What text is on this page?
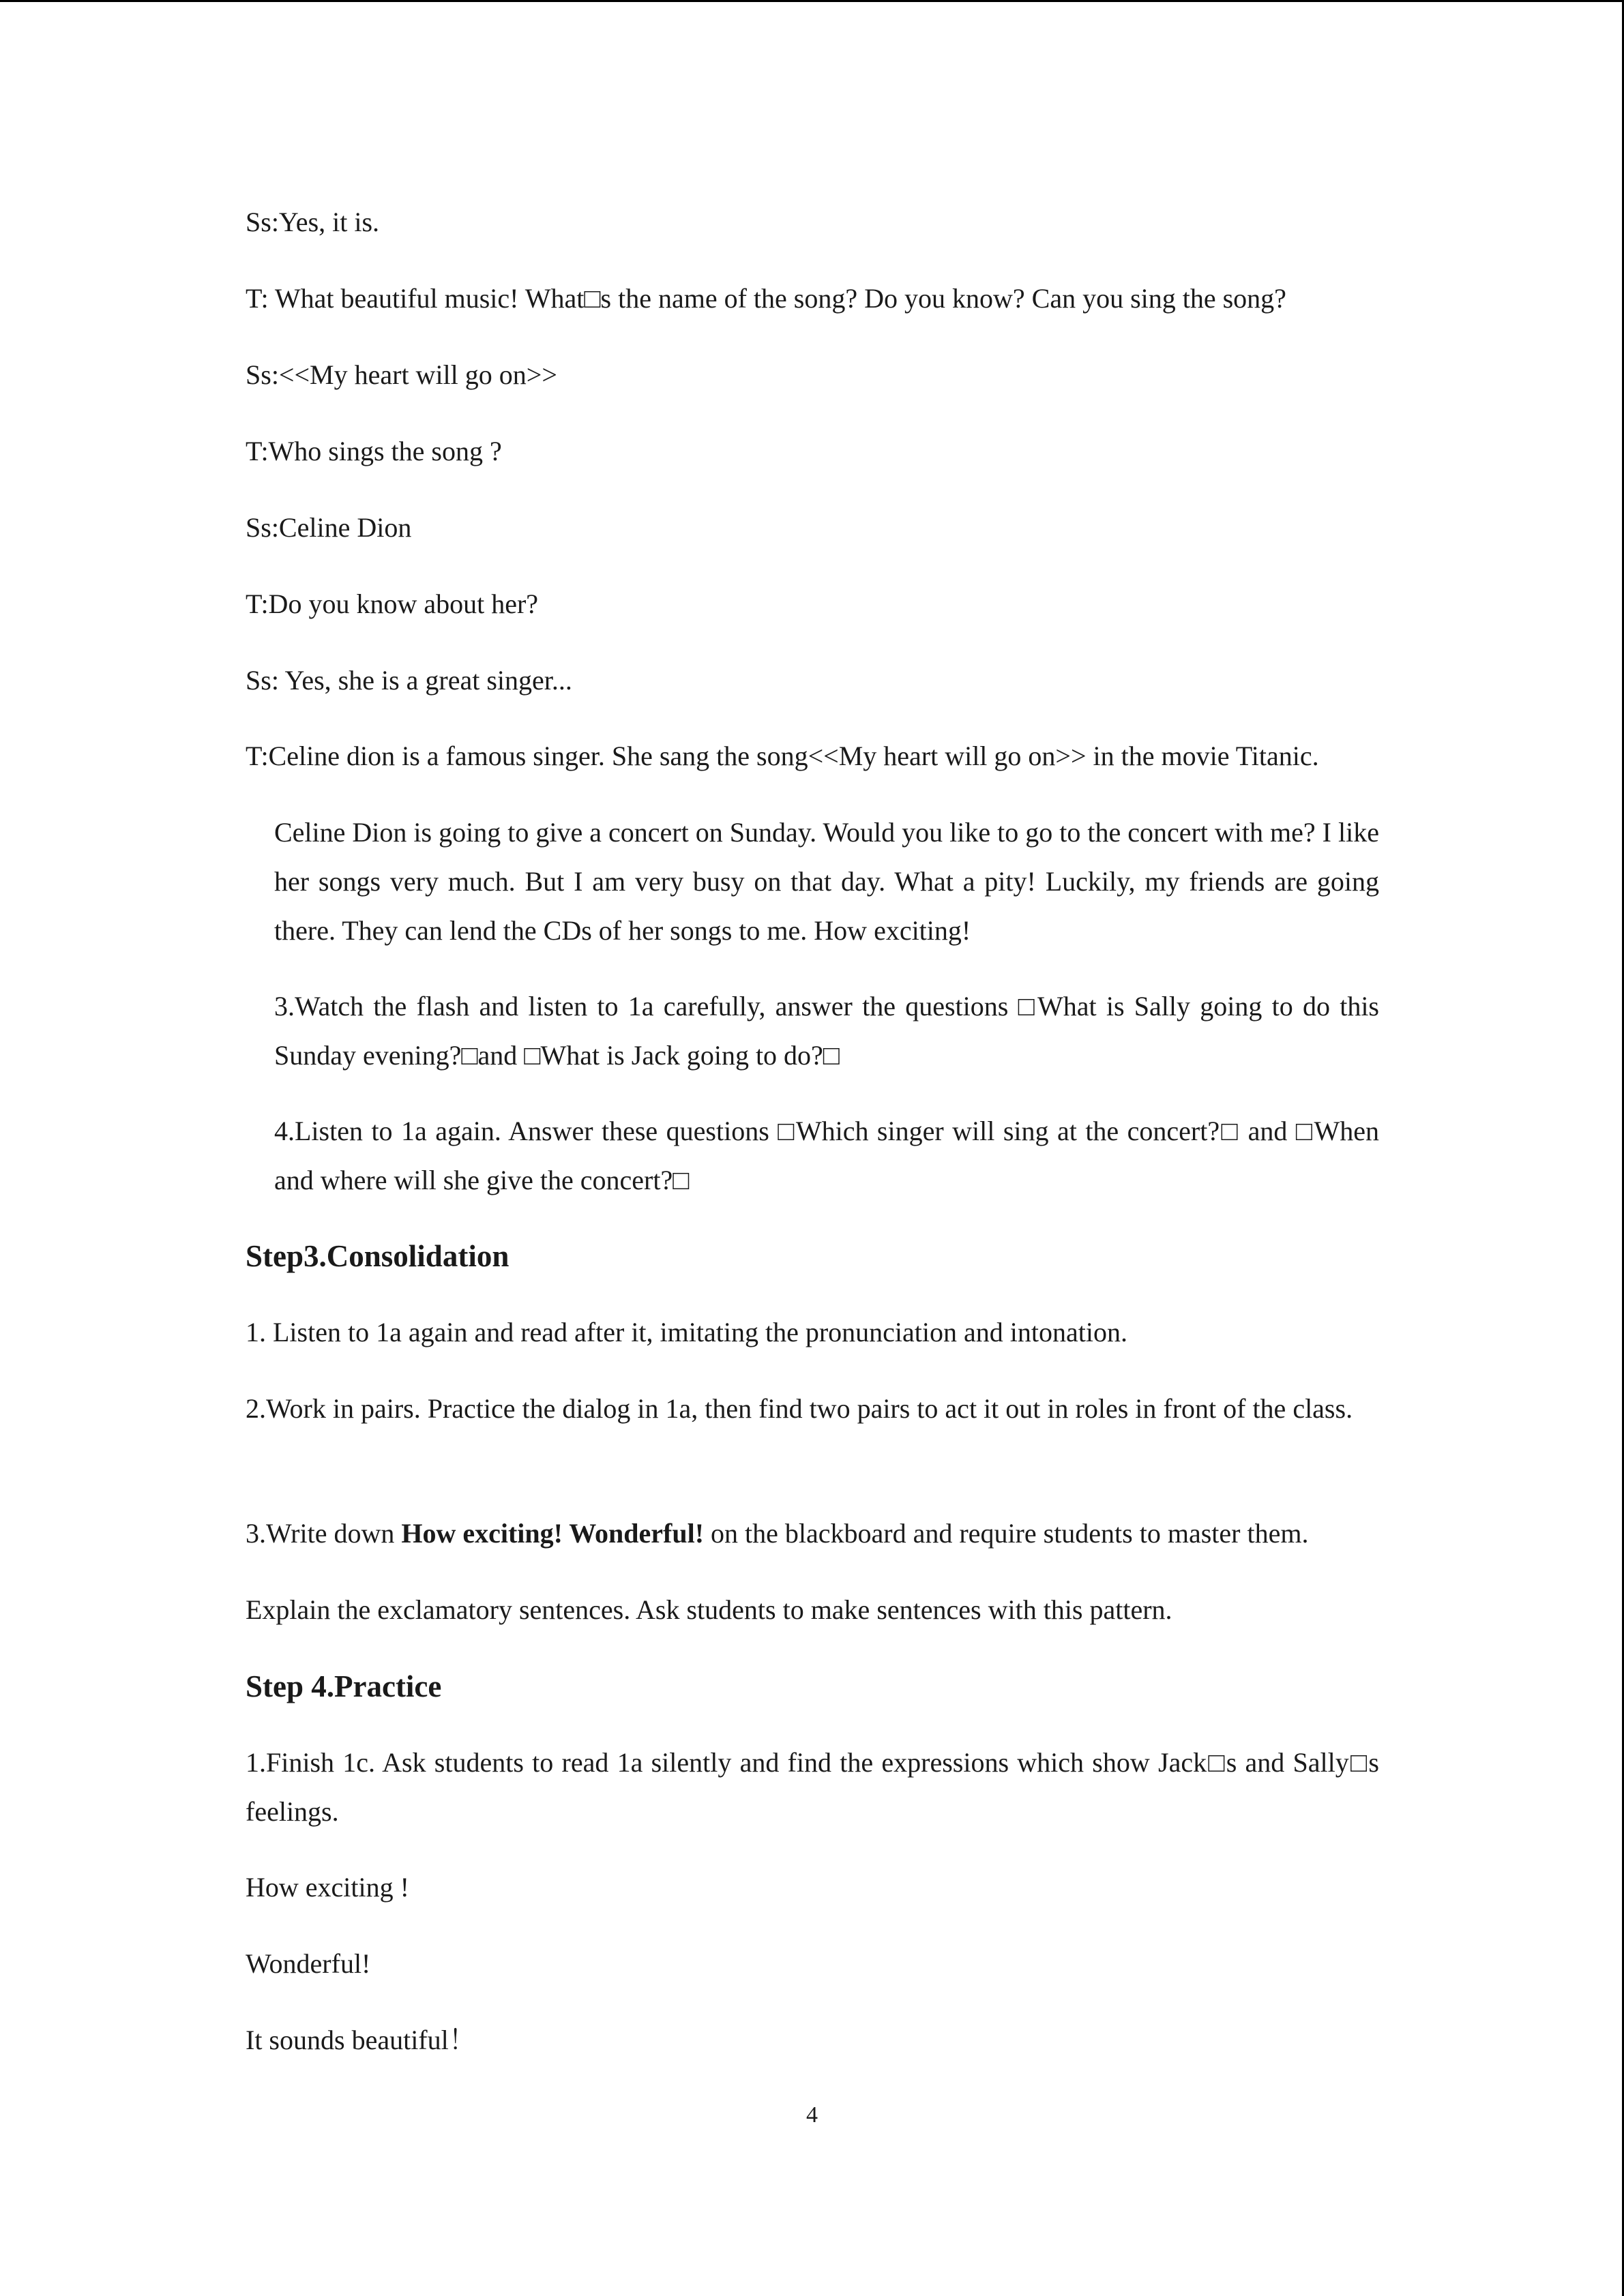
Ss:Yes, it is.
T: What beautiful music! What□s the name of the song? Do you know? Can you sing the song?
Ss:<<My heart will go on>>
T:Who sings the song ?
Ss:Celine Dion
T:Do you know about her?
Ss: Yes, she is a great singer...
T:Celine dion is a famous singer. She sang the song<<My heart will go on>> in the movie Titanic.
Celine Dion is going to give a concert on Sunday. Would you like to go to the concert with me? I like her songs very much. But I am very busy on that day. What a pity! Luckily, my friends are going there. They can lend the CDs of her songs to me. How exciting!
3.Watch the flash and listen to 1a carefully, answer the questions □What is Sally going to do this Sunday evening?□and □What is Jack going to do?□
4.Listen to 1a again. Answer these questions □Which singer will sing at the concert?□ and □When and where will she give the concert?□
Step3.Consolidation
1. Listen to 1a again and read after it, imitating the pronunciation and intonation.
2.Work in pairs. Practice the dialog in 1a, then find two pairs to act it out in roles in front of the class.
3.Write down How exciting! Wonderful! on the blackboard and require students to master them.
Explain the exclamatory sentences. Ask students to make sentences with this pattern.
Step 4.Practice
1.Finish 1c. Ask students to read 1a silently and find the expressions which show Jack□s and Sally□s feelings.
How exciting !
Wonderful!
It sounds beautiful！
4
